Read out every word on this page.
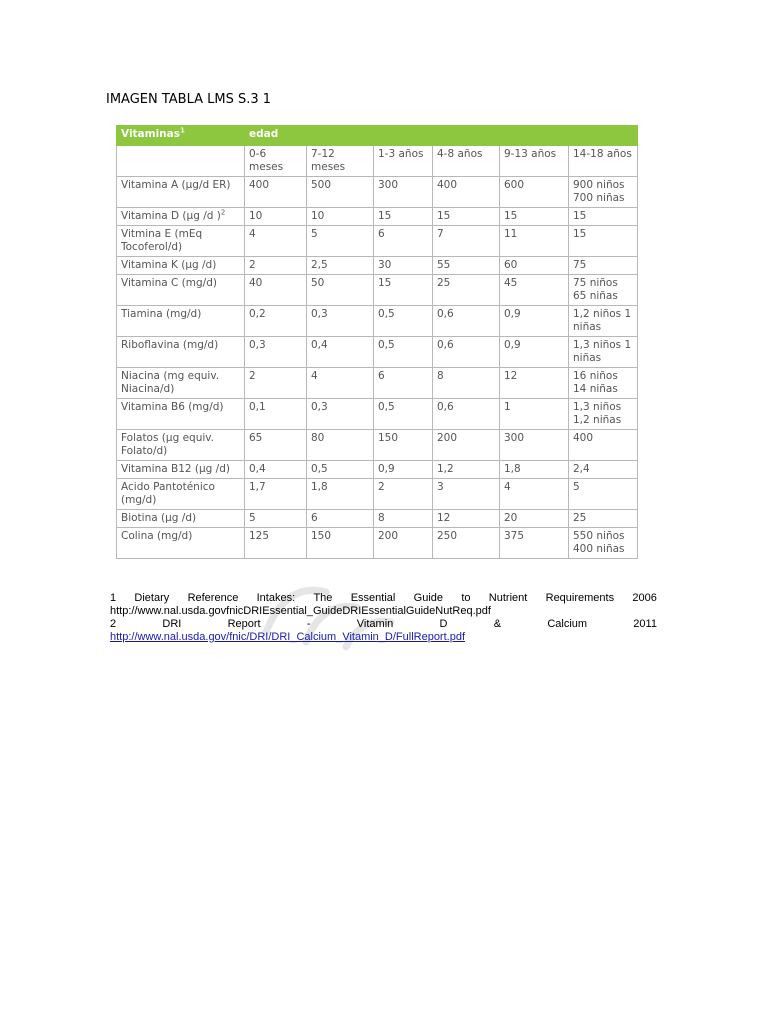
IMAGEN TABLA LMS S.3 1
Vitaminas$^1$	edad					
	0-6 meses	7-12 meses	1-3 años	4-8 años	9-13 años	14-18 años
Vitamina A (µg/d ER)	400	500	300	400	600	900 niños 700 niñas
Vitamina D (µg /d )$^2$	10	10	15	15	15	15
Vitmina E (mEq Tocoferol/d)	4	5	6	7	11	15
Vitamina K (µg /d)	2	2,5	30	55	60	75
Vitamina C (mg/d)	40	50	15	25	45	75 niños 65 niñas
Tiamina (mg/d)	0,2	0,3	0,5	0,6	0,9	1,2 niños 1 niñas
Riboflavina (mg/d)	0,3	0,4	0,5	0,6	0,9	1,3 niños 1 niñas
Niacina (mg equiv. Niacina/d)	2	4	6	8	12	16 niños 14 niñas
Vitamina B6 (mg/d)	0,1	0,3	0,5	0,6	1	1,3 niños 1,2 niñas
Folatos (µg equiv. Folato/d)	65	80	150	200	300	400
Vitamina B12 (µg /d)	0,4	0,5	0,9	1,2	1,8	2,4
Acido Pantoténico (mg/d)	1,7	1,8	2	3	4	5
Biotina (µg /d)	5	6	8	12	20	25
Colina (mg/d)	125	150	200	250	375	550 niños 400 niñas
1 Dietary Reference Intakes: The Essential Guide to Nutrient Requirements 2006
http://www.nal.usda.govfnicDRIEssential_GuideDRIEssentialGuideNutReq.pdf
2	DRI	Report	-	Vitamin	D	&	Calcium	2011
http://www.nal.usda.gov/fnic/DRI/DRI_Calcium_Vitamin_D/FullReport.pdf
